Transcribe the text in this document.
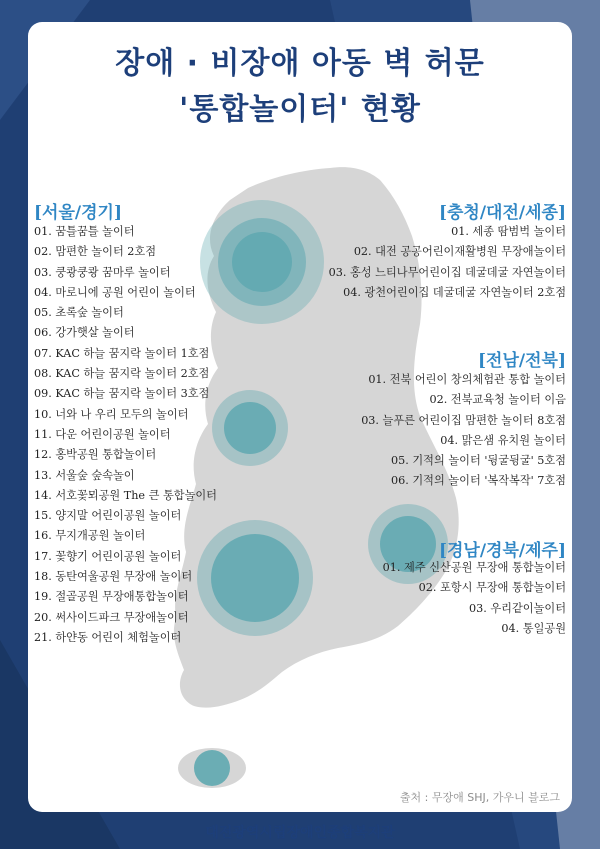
장애 · 비장애 아동 벽 허문
'통합놀이터' 현황
[서울/경기]
01. 꿈틀꿈틀 놀이터
02. 맘편한 놀이터 2호점
03. 쿵쾅쿵쾅 꿈마루 놀이터
04. 마로니에 공원 어린이 놀이터
05. 초록숲 놀이터
06. 강가햇살 놀이터
07. KAC 하늘 꿈지락 놀이터 1호점
08. KAC 하늘 꿈지락 놀이터 2호점
09. KAC 하늘 꿈지락 놀이터 3호점
10. 너와 나 우리 모두의 놀이터
11. 다운 어린이공원 놀이터
12. 홍박공원 통합놀이터
13. 서울숲 숲속놀이
14. 서호꽃뫼공원 The 큰 통합놀이터
15. 양지말 어린이공원 놀이터
16. 무지개공원 놀이터
17. 꽃향기 어린이공원 놀이터
18. 동탄여울공원 무장애 놀이터
19. 절골공원 무장애통합놀이터
20. 써사이드파크 무장애놀이터
21. 하얀동 어린이 체험놀이터
[충청/대전/세종]
01. 세종 땀범벅 놀이터
02. 대전 공공어린이재활병원 무장애놀이터
03. 홍성 느티나무어린이집 데굴데굴 자연놀이터
04. 광천어린이집 데굴데굴 자연놀이터 2호점
[전남/전북]
01. 전북 어린이 창의체험관 통합 놀이터
02. 전북교육청 놀이터 이음
03. 늘푸른 어린이집 맘편한 놀이터 8호점
04. 맑은샘 유치원 놀이터
05. 기적의 놀이터 '뒹굴뒹굴' 5호점
06. 기적의 놀이터 '복작복작' 7호점
[경남/경북/제주]
01. 제주 신산공원 무장애 통합놀이터
02. 포항시 무장애 통합놀이터
03. 우리같이놀이터
04. 통일공원
출처 : 무장애 SHJ, 가우니 블로그
대전광역시립장애인종합복지관
